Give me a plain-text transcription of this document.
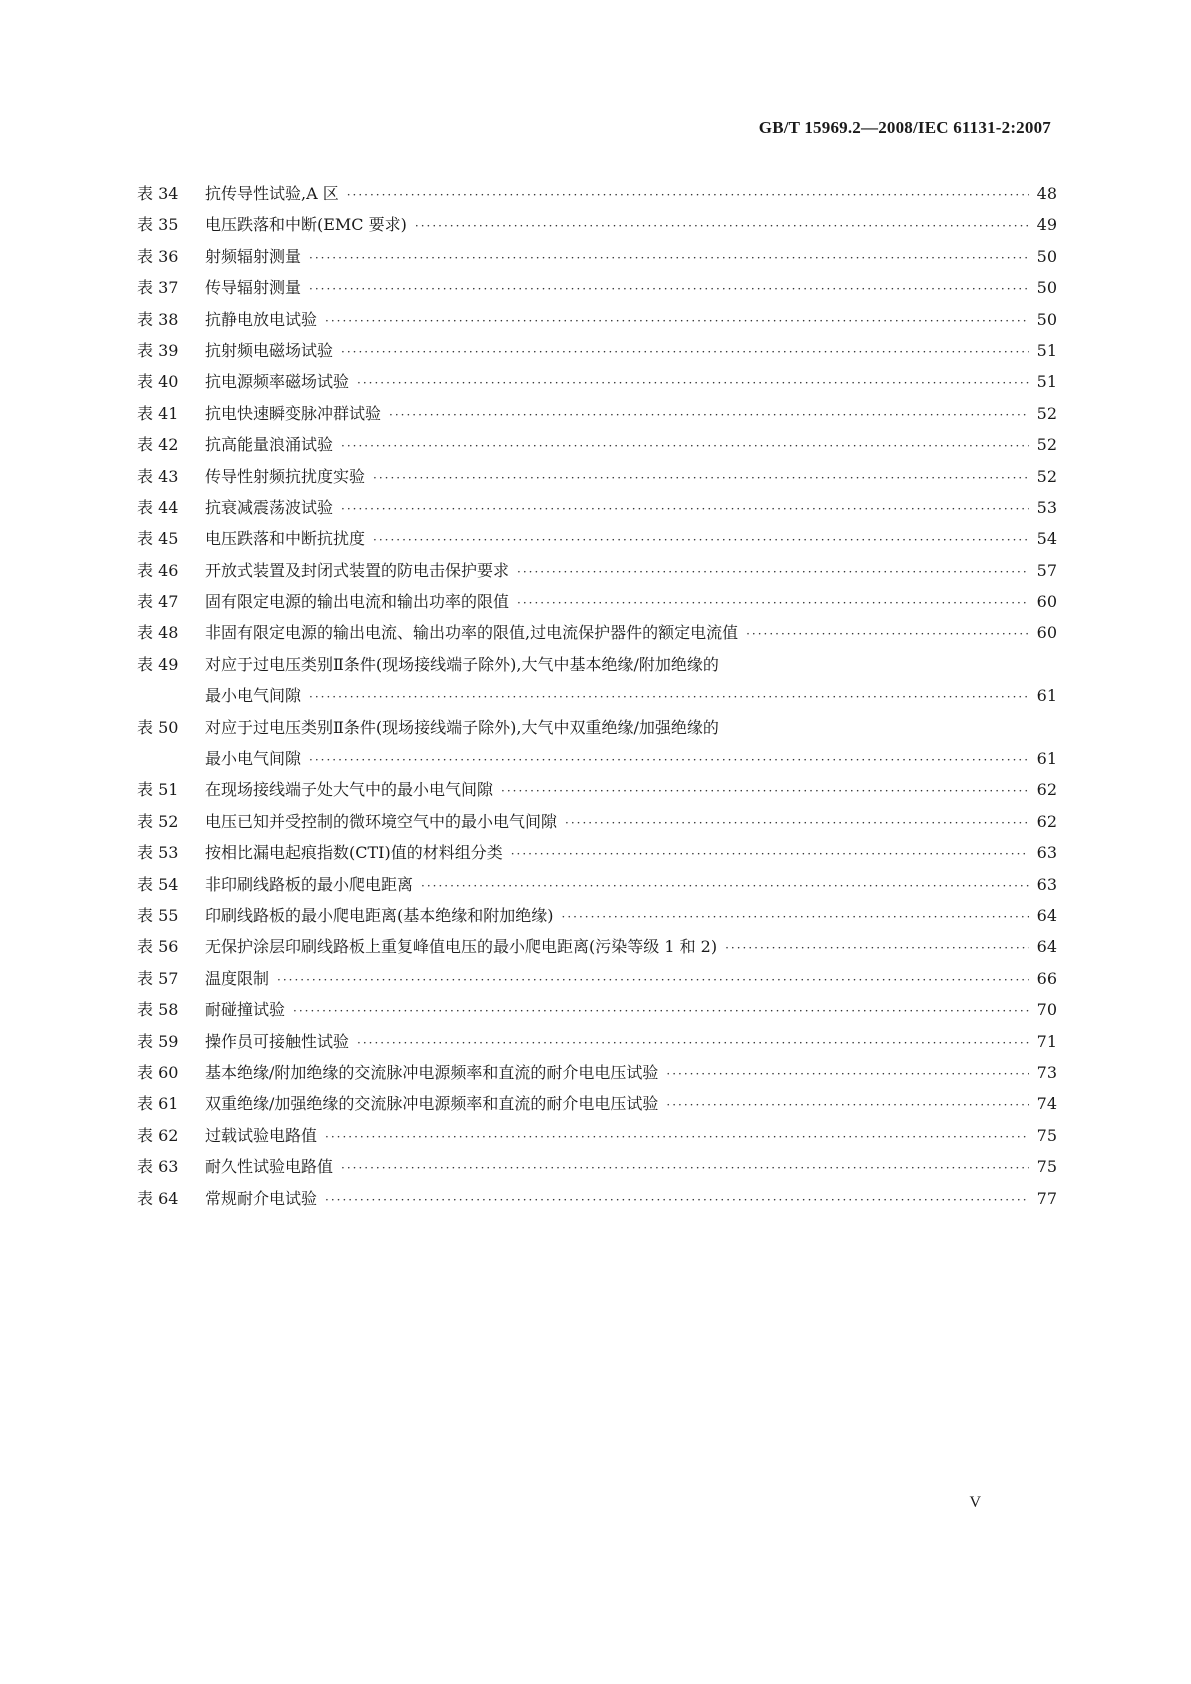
GB/T 15969.2—2008/IEC 61131-2:2007
表 34	抗传导性试验,A 区 ·····	48
表 35	电压跌落和中断(EMC 要求) ·····	49
表 36	射频辐射测量 ·····	50
表 37	传导辐射测量 ·····	50
表 38	抗静电放电试验 ·····	50
表 39	抗射频电磁场试验 ·····	51
表 40	抗电源频率磁场试验 ·····	51
表 41	抗电快速瞬变脉冲群试验 ·····	52
表 42	抗高能量浪涌试验 ·····	52
表 43	传导性射频抗扰度实验 ·····	52
表 44	抗衰减震荡波试验 ·····	53
表 45	电压跌落和中断抗扰度 ·····	54
表 46	开放式装置及封闭式装置的防电击保护要求 ·····	57
表 47	固有限定电源的输出电流和输出功率的限值 ·····	60
表 48	非固有限定电源的输出电流、输出功率的限值,过电流保护器件的额定电流值 ·····	60
表 49	对应于过电压类别Ⅱ条件(现场接线端子除外),大气中基本绝缘/附加绝缘的
最小电气间隙 ·····	61
表 50	对应于过电压类别Ⅱ条件(现场接线端子除外),大气中双重绝缘/加强绝缘的
最小电气间隙 ·····	61
表 51	在现场接线端子处大气中的最小电气间隙 ·····	62
表 52	电压已知并受控制的微环境空气中的最小电气间隙 ·····	62
表 53	按相比漏电起痕指数(CTI)值的材料组分类 ·····	63
表 54	非印刷线路板的最小爬电距离 ·····	63
表 55	印刷线路板的最小爬电距离(基本绝缘和附加绝缘) ·····	64
表 56	无保护涂层印刷线路板上重复峰值电压的最小爬电距离(污染等级 1 和 2) ·····	64
表 57	温度限制 ·····	66
表 58	耐碰撞试验 ·····	70
表 59	操作员可接触性试验 ·····	71
表 60	基本绝缘/附加绝缘的交流脉冲电源频率和直流的耐介电电压试验 ·····	73
表 61	双重绝缘/加强绝缘的交流脉冲电源频率和直流的耐介电电压试验 ·····	74
表 62	过载试验电路值 ·····	75
表 63	耐久性试验电路值 ·····	75
表 64	常规耐介电试验 ·····	77
V
